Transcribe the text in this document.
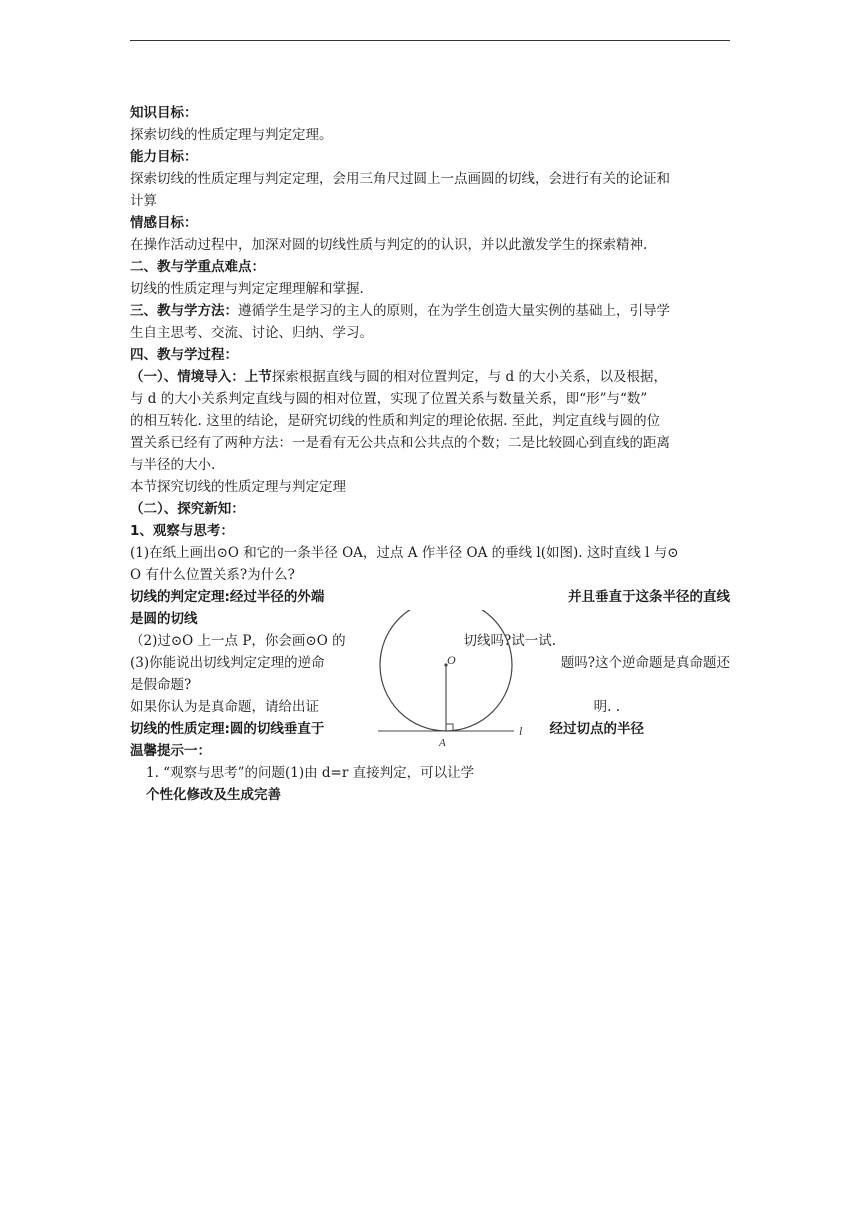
知识目标：
探索切线的性质定理与判定定理。
能力目标：
探索切线的性质定理与判定定理，会用三角尺过圆上一点画圆的切线，会进行有关的论证和
计算
情感目标：
在操作活动过程中，加深对圆的切线性质与判定的的认识，并以此激发学生的探索精神.
二、教与学重点难点：
切线的性质定理与判定定理理解和掌握.
三、教与学方法：遵循学生是学习的主人的原则，在为学生创造大量实例的基础上，引导学
生自主思考、交流、讨论、归纳、学习。
四、教与学过程：
（一）、情境导入：上节探索根据直线与圆的相对位置判定，与 d 的大小关系，以及根据，
与 d 的大小关系判定直线与圆的相对位置，实现了位置关系与数量关系，即“形”与“数”
的相互转化. 这里的结论，是研究切线的性质和判定的理论依据. 至此，判定直线与圆的位
置关系已经有了两种方法：一是看有无公共点和公共点的个数；二是比较圆心到直线的距离
与半径的大小.
本节探究切线的性质定理与判定定理
（二）、探究新知：
1、观察与思考：
(1)在纸上画出⊙O 和它的一条半径 OA，过点 A 作半径 OA 的垂线 l(如图). 这时直线 l 与⊙
O 有什么位置关系?为什么?
切线的判定定理:经过半径的外端	并且垂直于这条半径的直线
是圆的切线
（2)过⊙O 上一点 P，你会画⊙O 的	切线吗?试一试.
(3)你能说出切线判定定理的逆命	题吗?这个逆命题是真命题还
是假命题?
如果你认为是真命题，请给出证	明. .
切线的性质定理:圆的切线垂直于	经过切点的半径
温馨提示一：
1. “观察与思考”的问题(1)由 d=r 直接判定，可以让学
个性化修改及生成完善
O
A
l
